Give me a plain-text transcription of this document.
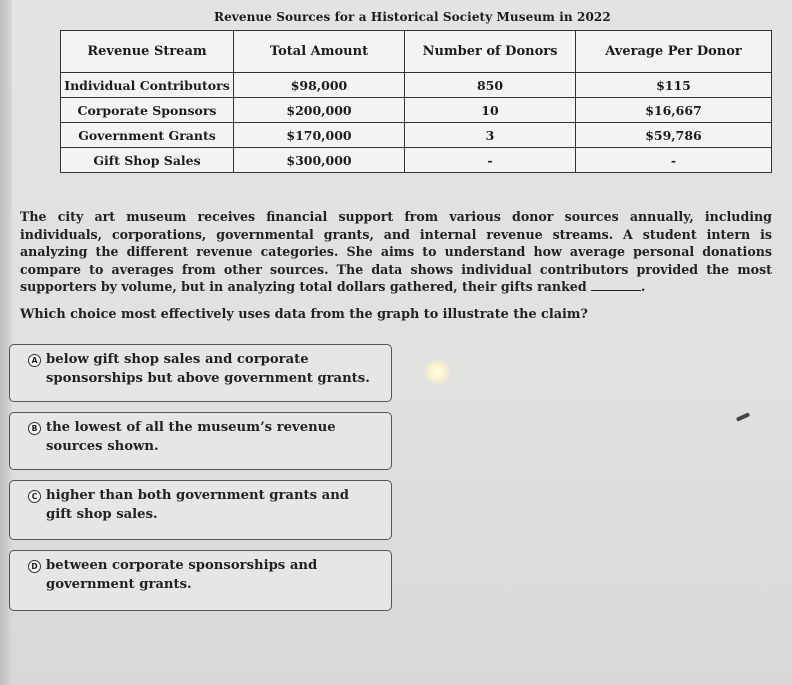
Revenue Sources for a Historical Society Museum in 2022
Revenue Stream	Total Amount	Number of Donors	Average Per Donor
Individual Contributors	$98,000	850	$115
Corporate Sponsors	$200,000	10	$16,667
Government Grants	$170,000	3	$59,786
Gift Shop Sales	$300,000	-	-
The city art museum receives financial support from various donor sources annually, including individuals, corporations, governmental grants, and internal revenue streams. A student intern is analyzing the different revenue categories. She aims to understand how average personal donations compare to averages from other sources. The data shows individual contributors provided the most supporters by volume, but in analyzing total dollars gathered, their gifts ranked	.
Which choice most effectively uses data from the graph to illustrate the claim?
A below gift shop sales and corporate sponsorships but above government grants.
B the lowest of all the museum’s revenue sources shown.
C higher than both government grants and gift shop sales.
D between corporate sponsorships and government grants.
